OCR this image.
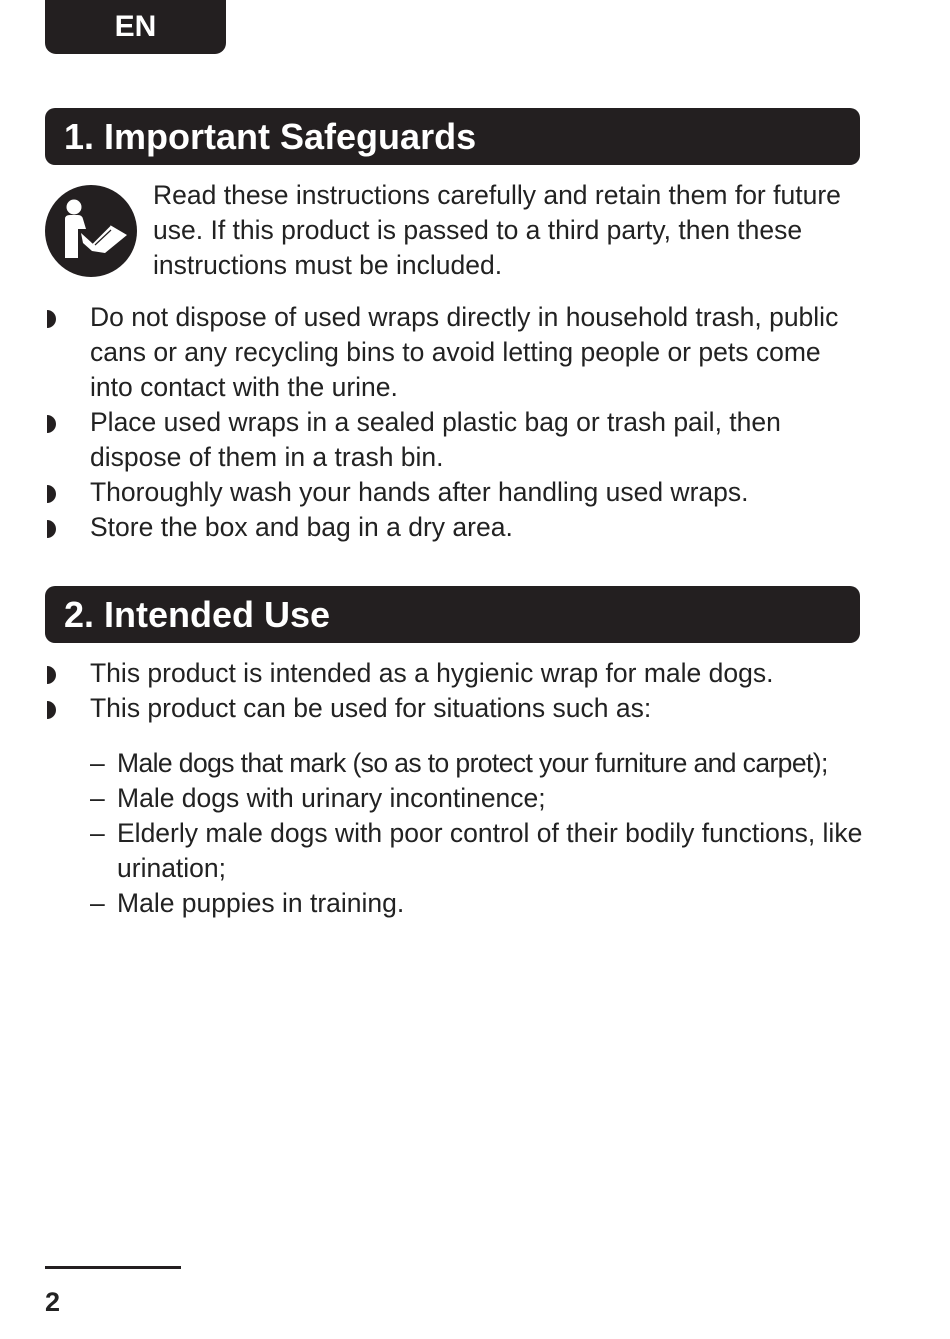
EN
1. Important Safeguards
Read these instructions carefully and retain them for future use. If this product is passed to a third party, then these instructions must be included.
Do not dispose of used wraps directly in household trash, public cans or any recycling bins to avoid letting people or pets come into contact with the urine.
Place used wraps in a sealed plastic bag or trash pail, then dispose of them in a trash bin.
Thoroughly wash your hands after handling used wraps.
Store the box and bag in a dry area.
2. Intended Use
This product is intended as a hygienic wrap for male dogs.
This product can be used for situations such as:
– Male dogs that mark (so as to protect your furniture and carpet);
– Male dogs with urinary incontinence;
– Elderly male dogs with poor control of their bodily functions, like urination;
– Male puppies in training.
2
